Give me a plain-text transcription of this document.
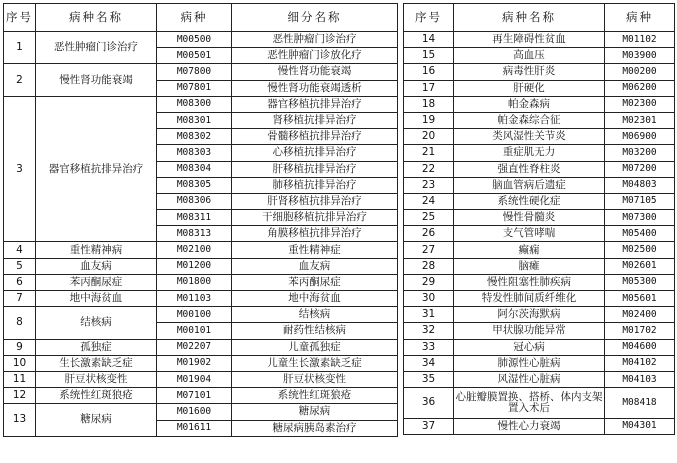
序号	病种名称	病种	细分名称
1	恶性肿瘤门诊治疗	M00500	恶性肿瘤门诊治疗
		M00501	恶性肿瘤门诊放化疗
2	慢性肾功能衰竭	M07800	慢性肾功能衰竭
		M07801	慢性肾功能衰竭透析
3	器官移植抗排异治疗	M08300	器官移植抗排异治疗
		M08301	肾移植抗排异治疗
		M08302	骨髓移植抗排异治疗
		M08303	心移植抗排异治疗
		M08304	肝移植抗排异治疗
		M08305	肺移植抗排异治疗
		M08306	肝肾移植抗排异治疗
		M08311	干细胞移植抗排异治疗
		M08313	角膜移植抗排异治疗
4	重性精神病	M02100	重性精神症
5	血友病	M01200	血友病
6	苯丙酮尿症	M01800	苯丙酮尿症
7	地中海贫血	M01103	地中海贫血
8	结核病	M00100	结核病
		M00101	耐药性结核病
9	孤独症	M02207	儿童孤独症
10	生长激素缺乏症	M01902	儿童生长激素缺乏症
11	肝豆状核变性	M01904	肝豆状核变性
12	系统性红斑狼疮	M07101	系统性红斑狼疮
13	糖尿病	M01600	糖尿病
		M01611	糖尿病胰岛素治疗
序号	病种名称	病种
14	再生障碍性贫血	M01102
15	高血压	M03900
16	病毒性肝炎	M00200
17	肝硬化	M06200
18	帕金森病	M02300
19	帕金森综合征	M02301
20	类风湿性关节炎	M06900
21	重症肌无力	M03200
22	强直性脊柱炎	M07200
23	脑血管病后遗症	M04803
24	系统性硬化症	M07105
25	慢性骨髓炎	M07300
26	支气管哮喘	M05400
27	癫痫	M02500
28	脑瘫	M02601
29	慢性阻塞性肺疾病	M05300
30	特发性肺间质纤维化	M05601
31	阿尔茨海默病	M02400
32	甲状腺功能异常	M01702
33	冠心病	M04600
34	肺源性心脏病	M04102
35	风湿性心脏病	M04103
36	心脏瓣膜置换、搭桥、体内支架置入术后	M08418
37	慢性心力衰竭	M04301
